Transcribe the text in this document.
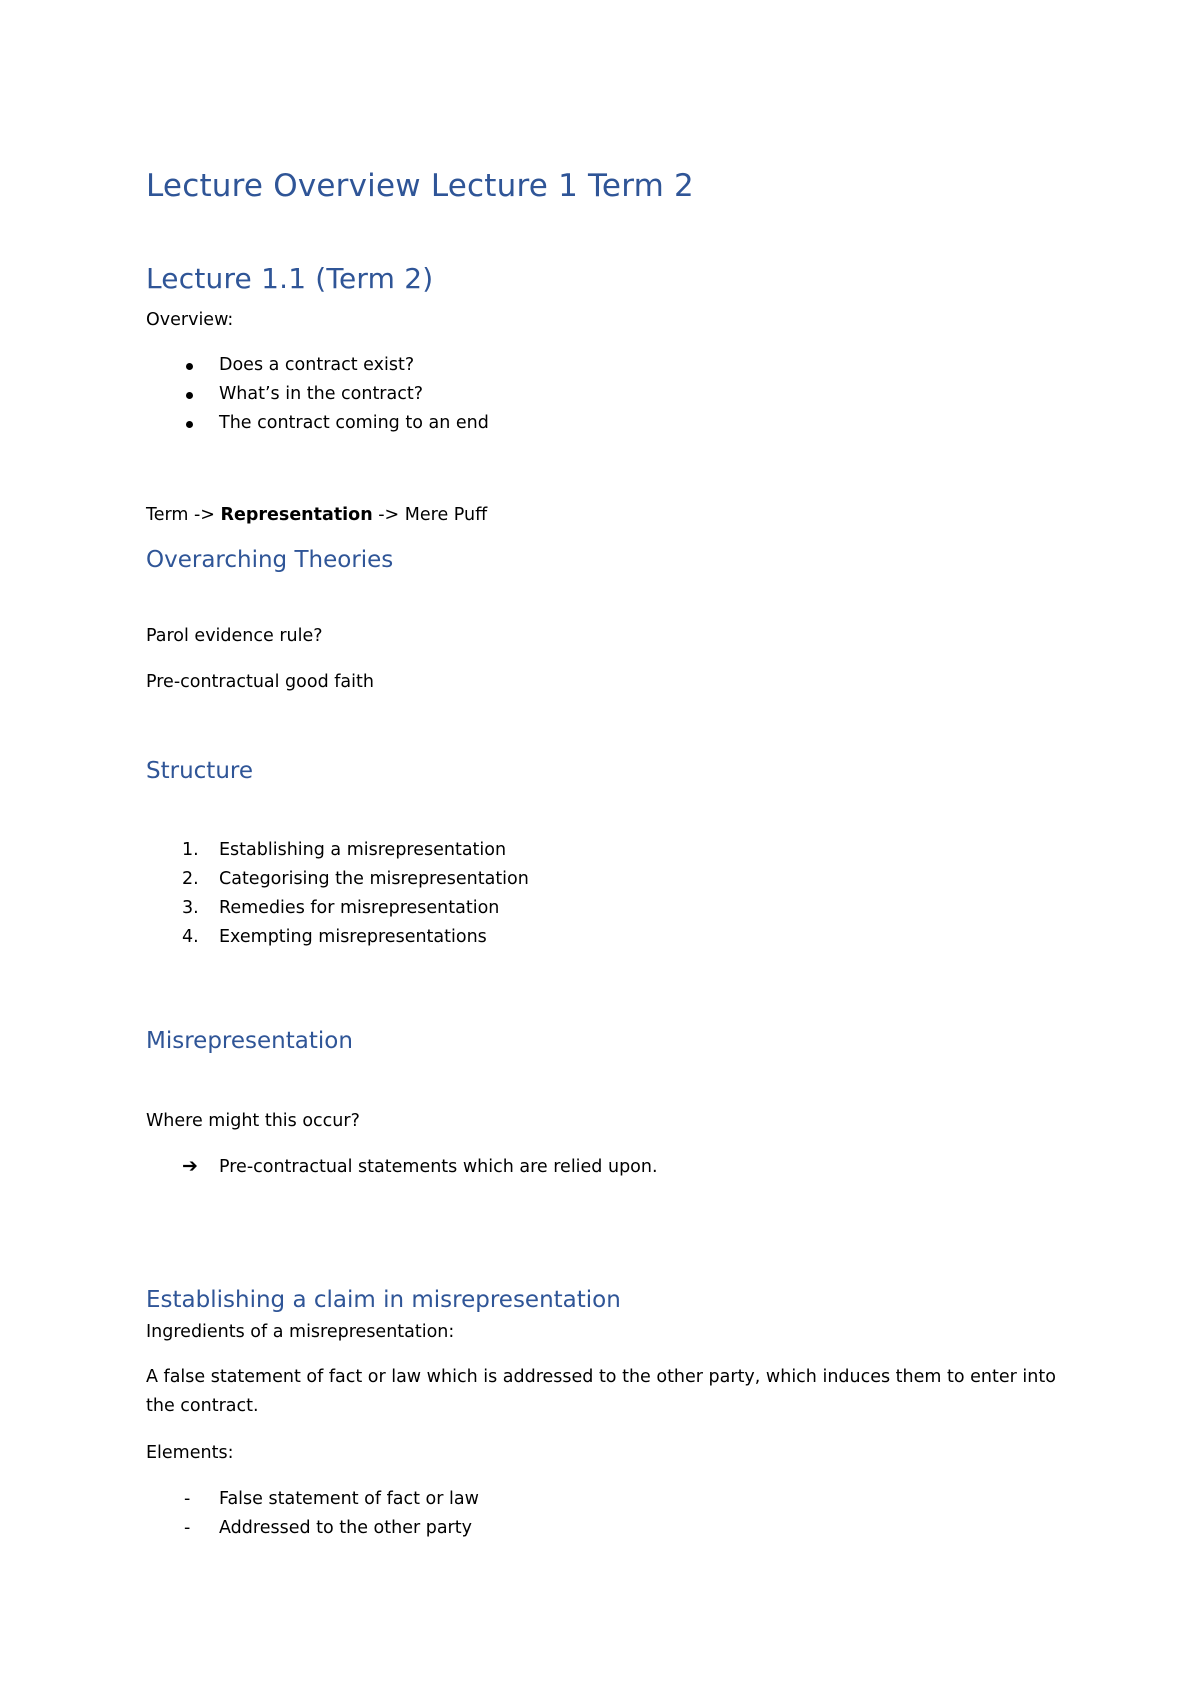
Lecture Overview Lecture 1 Term 2
Lecture 1.1 (Term 2)
Overview:
Does a contract exist?
What’s in the contract?
The contract coming to an end
Term -> Representation -> Mere Puff
Overarching Theories
Parol evidence rule?
Pre-contractual good faith
Structure
1.	Establishing a misrepresentation
2.	Categorising the misrepresentation
3.	Remedies for misrepresentation
4.	Exempting misrepresentations
Misrepresentation
Where might this occur?
➔ Pre-contractual statements which are relied upon.
Establishing a claim in misrepresentation
Ingredients of a misrepresentation:
A false statement of fact or law which is addressed to the other party, which induces them to enter into the contract.
Elements:
- False statement of fact or law
- Addressed to the other party
